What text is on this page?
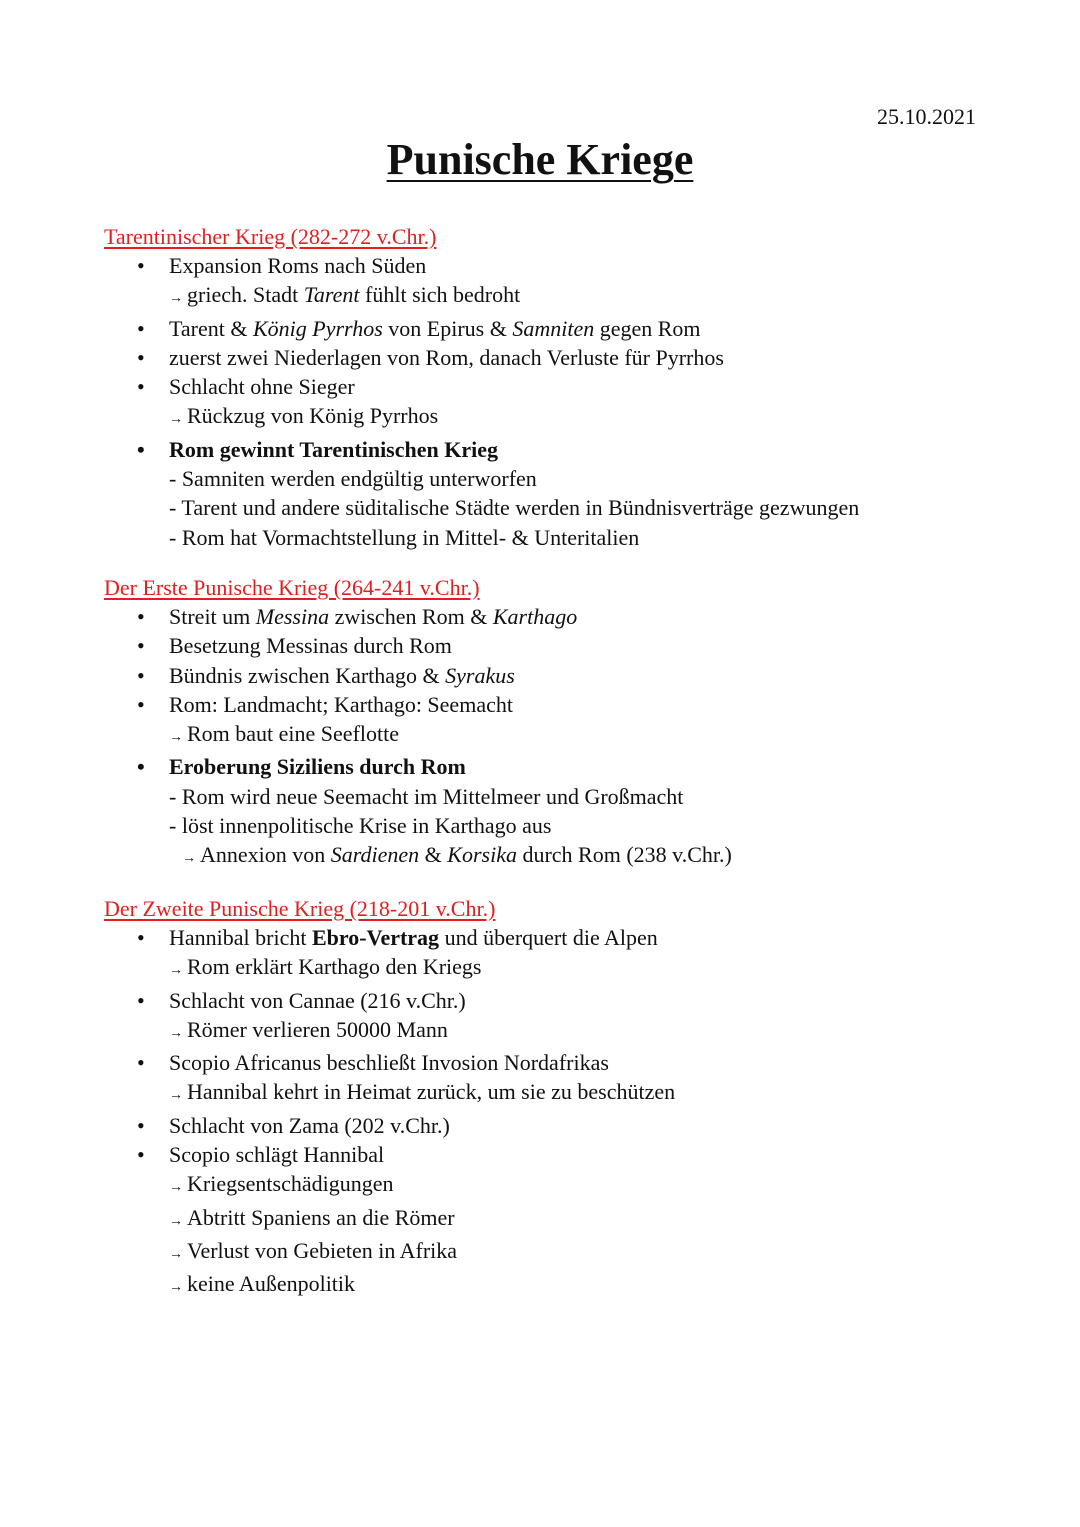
25.10.2021
Punische Kriege
Tarentinischer Krieg (282-272 v.Chr.)
• Expansion Roms nach Süden
→ griech. Stadt Tarent fühlt sich bedroht
• Tarent & König Pyrrhos von Epirus & Samniten gegen Rom
• zuerst zwei Niederlagen von Rom, danach Verluste für Pyrrhos
• Schlacht ohne Sieger
→ Rückzug von König Pyrrhos
• Rom gewinnt Tarentinischen Krieg
- Samniten werden endgültig unterworfen
- Tarent und andere süditalische Städte werden in Bündnisverträge gezwungen
- Rom hat Vormachtstellung in Mittel- & Unteritalien
Der Erste Punische Krieg (264-241 v.Chr.)
• Streit um Messina zwischen Rom & Karthago
• Besetzung Messinas durch Rom
• Bündnis zwischen Karthago & Syrakus
• Rom: Landmacht; Karthago: Seemacht
→ Rom baut eine Seeflotte
• Eroberung Siziliens durch Rom
- Rom wird neue Seemacht im Mittelmeer und Großmacht
- löst innenpolitische Krise in Karthago aus
→ Annexion von Sardienen & Korsika durch Rom (238 v.Chr.)
Der Zweite Punische Krieg (218-201 v.Chr.)
• Hannibal bricht Ebro-Vertrag und überquert die Alpen
→ Rom erklärt Karthago den Kriegs
• Schlacht von Cannae (216 v.Chr.)
→ Römer verlieren 50000 Mann
• Scopio Africanus beschließt Invosion Nordafrikas
→ Hannibal kehrt in Heimat zurück, um sie zu beschützen
• Schlacht von Zama (202 v.Chr.)
• Scopio schlägt Hannibal
→ Kriegsentschädigungen
→ Abtritt Spaniens an die Römer
→ Verlust von Gebieten in Afrika
→ keine Außenpolitik
